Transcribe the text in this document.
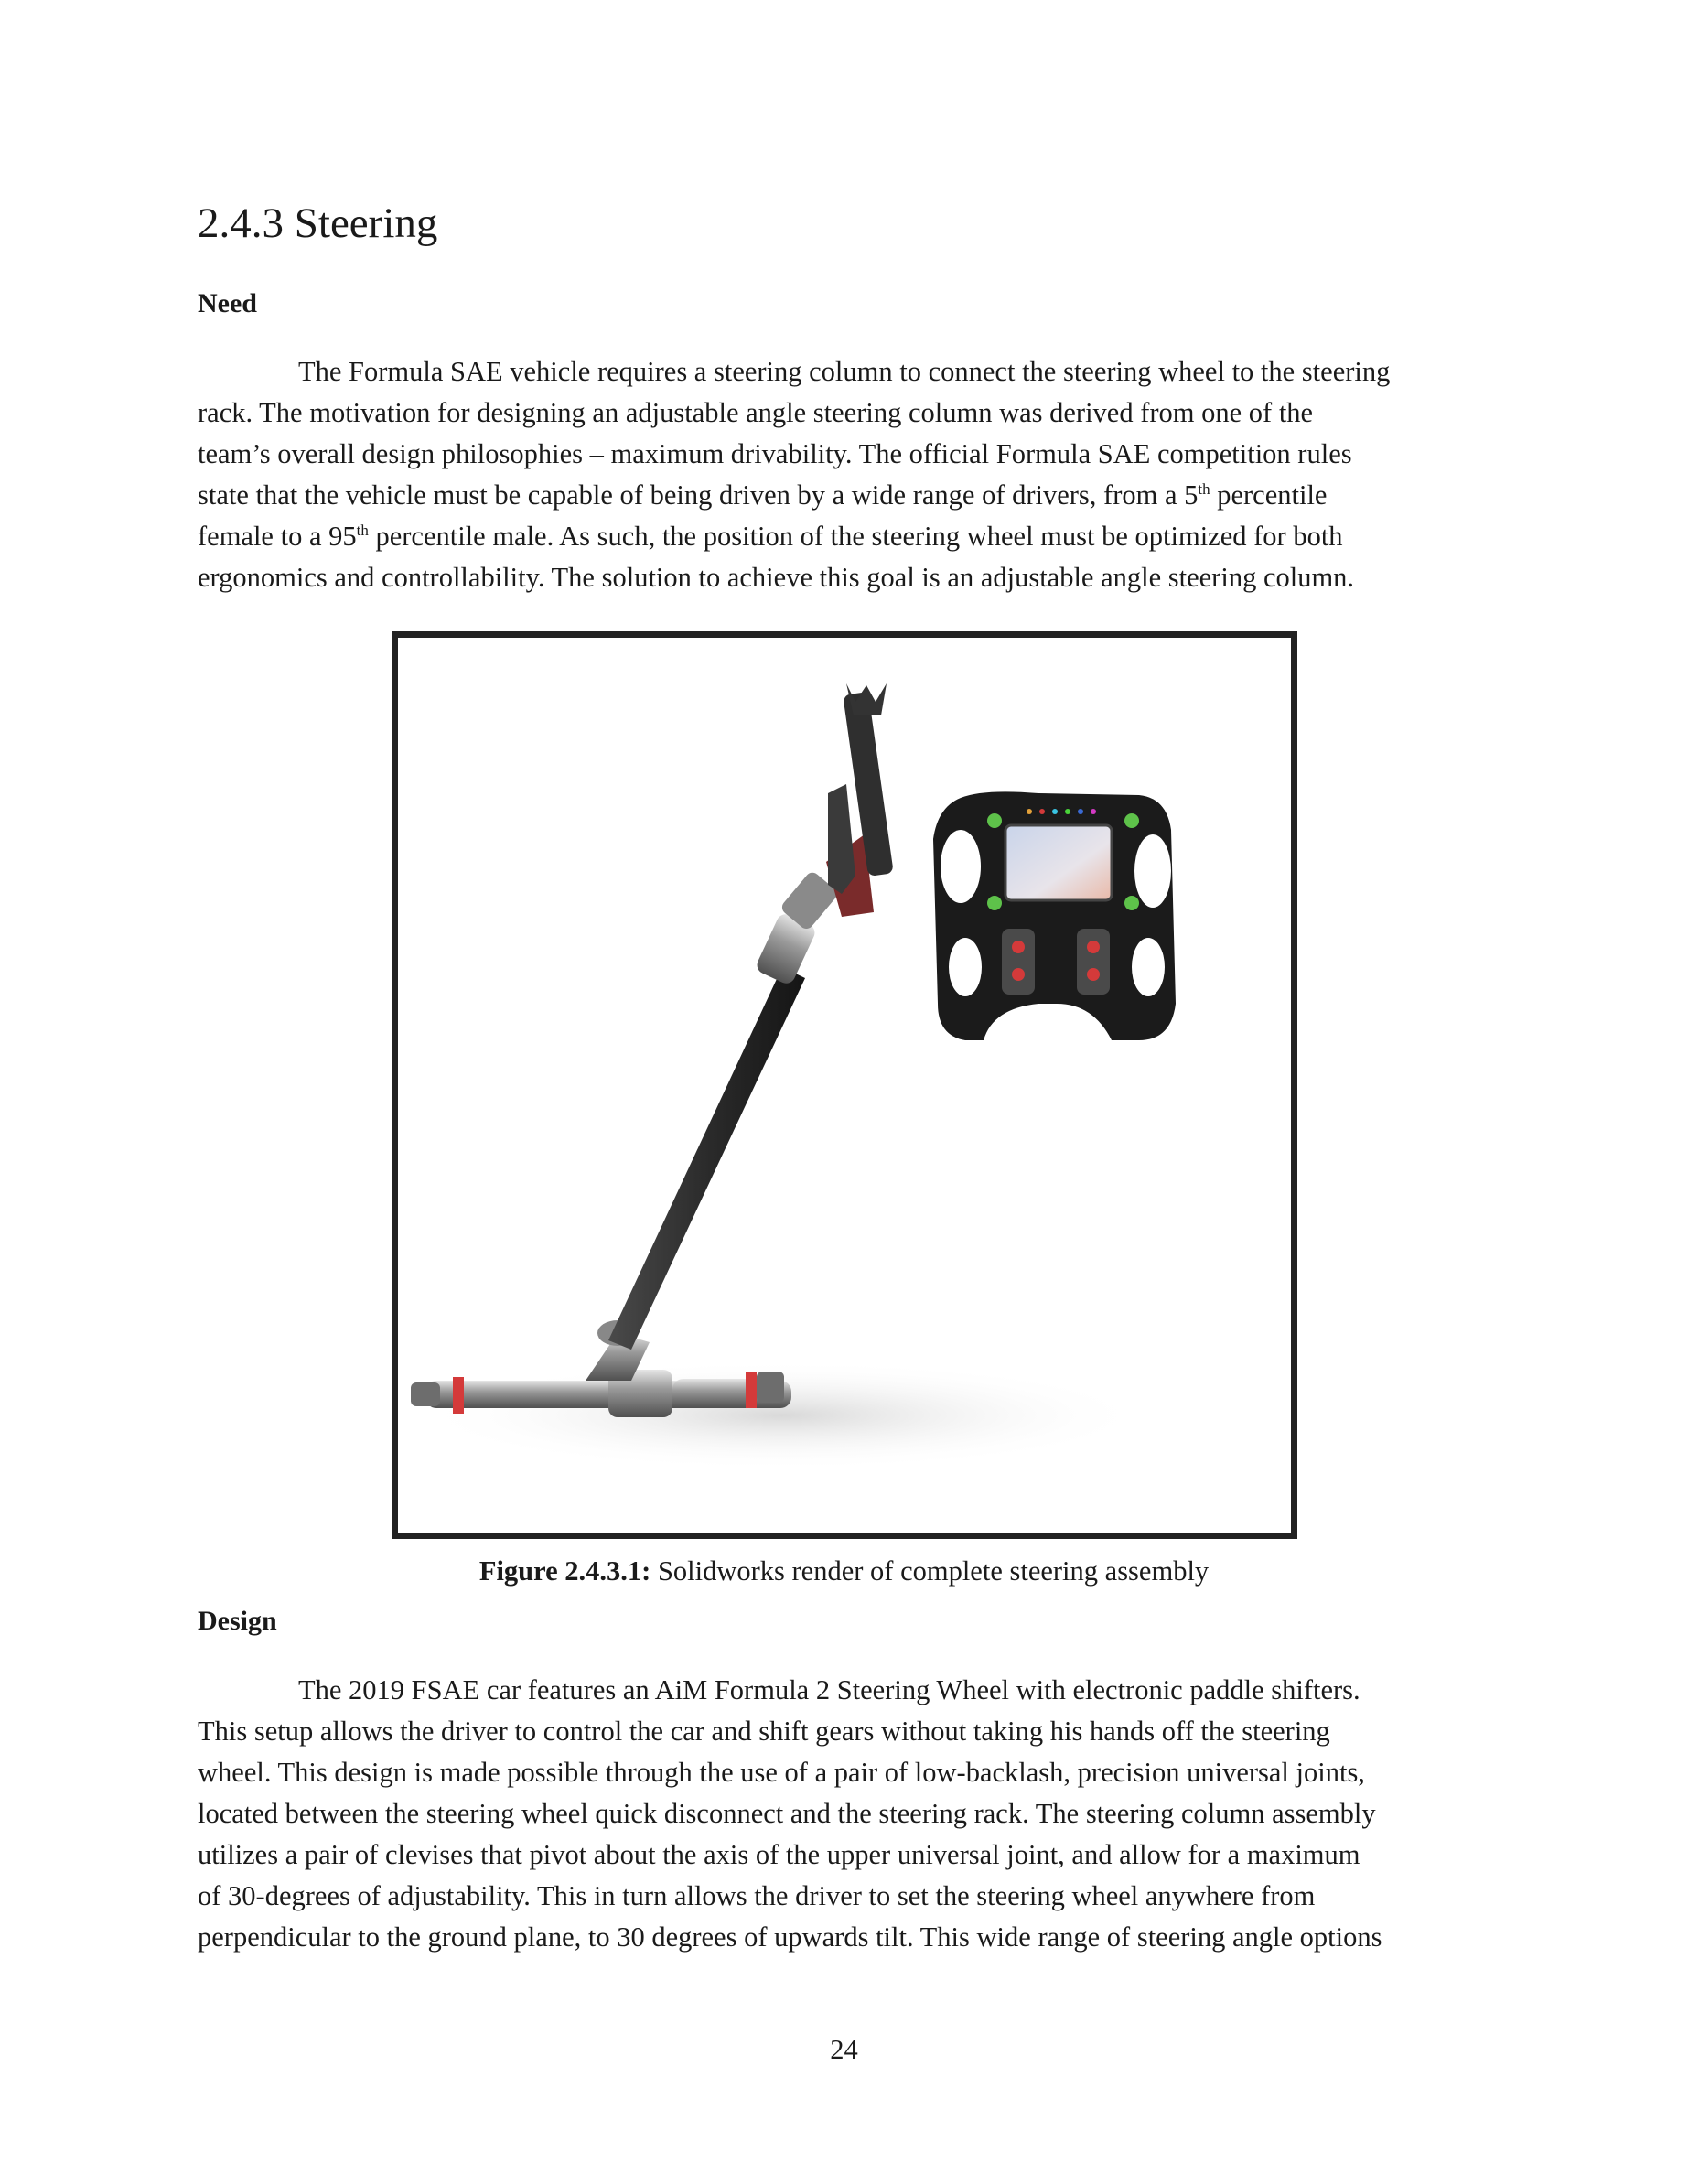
2.4.3 Steering
Need
The Formula SAE vehicle requires a steering column to connect the steering wheel to the steering
rack. The motivation for designing an adjustable angle steering column was derived from one of the
team’s overall design philosophies – maximum drivability. The official Formula SAE competition rules
state that the vehicle must be capable of being driven by a wide range of drivers, from a 5th percentile
female to a 95th percentile male. As such, the position of the steering wheel must be optimized for both
ergonomics and controllability. The solution to achieve this goal is an adjustable angle steering column.

Figure 2.4.3.1: Solidworks render of complete steering assembly

Design
The 2019 FSAE car features an AiM Formula 2 Steering Wheel with electronic paddle shifters.
This setup allows the driver to control the car and shift gears without taking his hands off the steering
wheel. This design is made possible through the use of a pair of low-backlash, precision universal joints,
located between the steering wheel quick disconnect and the steering rack. The steering column assembly
utilizes a pair of clevises that pivot about the axis of the upper universal joint, and allow for a maximum
of 30-degrees of adjustability. This in turn allows the driver to set the steering wheel anywhere from
perpendicular to the ground plane, to 30 degrees of upwards tilt. This wide range of steering angle options
24
